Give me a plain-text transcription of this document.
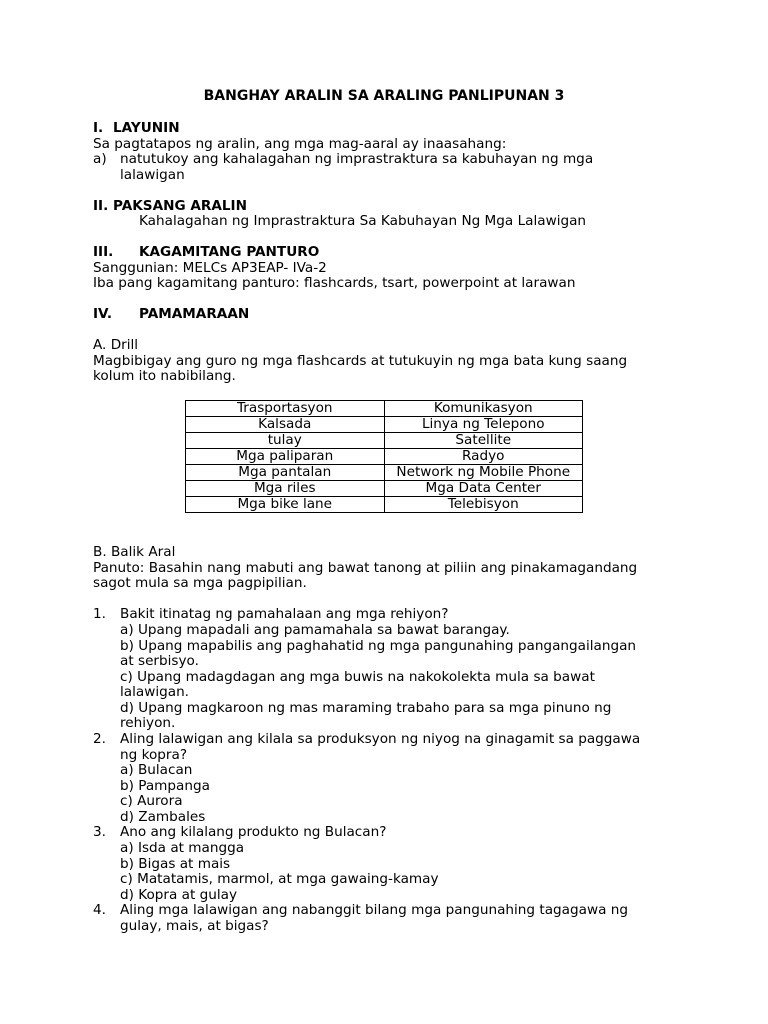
BANGHAY ARALIN SA ARALING PANLIPUNAN 3
I. LAYUNIN
Sa pagtatapos ng aralin, ang mga mag-aaral ay inaasahang:
a) natutukoy ang kahalagahan ng imprastraktura sa kabuhayan ng mga
lalawigan
II. PAKSANG ARALIN
Kahalagahan ng Imprastraktura Sa Kabuhayan Ng Mga Lalawigan
III. KAGAMITANG PANTURO
Sanggunian: MELCs AP3EAP- IVa-2
Iba pang kagamitang panturo: flashcards, tsart, powerpoint at larawan
IV. PAMAMARAAN
A. Drill
Magbibigay ang guro ng mga flashcards at tutukuyin ng mga bata kung saang
kolum ito nabibilang.
Trasportasyon	Komunikasyon
Kalsada	Linya ng Telepono
tulay	Satellite
Mga paliparan	Radyo
Mga pantalan	Network ng Mobile Phone
Mga riles	Mga Data Center
Mga bike lane	Telebisyon
B. Balik Aral
Panuto: Basahin nang mabuti ang bawat tanong at piliin ang pinakamagandang
sagot mula sa mga pagpipilian.
1. Bakit itinatag ng pamahalaan ang mga rehiyon?
a) Upang mapadali ang pamamahala sa bawat barangay.
b) Upang mapabilis ang paghahatid ng mga pangunahing pangangailangan
at serbisyo.
c) Upang madagdagan ang mga buwis na nakokolekta mula sa bawat
lalawigan.
d) Upang magkaroon ng mas maraming trabaho para sa mga pinuno ng
rehiyon.
2. Aling lalawigan ang kilala sa produksyon ng niyog na ginagamit sa paggawa
ng kopra?
a) Bulacan
b) Pampanga
c) Aurora
d) Zambales
3. Ano ang kilalang produkto ng Bulacan?
a) Isda at mangga
b) Bigas at mais
c) Matatamis, marmol, at mga gawaing-kamay
d) Kopra at gulay
4. Aling mga lalawigan ang nabanggit bilang mga pangunahing tagagawa ng
gulay, mais, at bigas?
